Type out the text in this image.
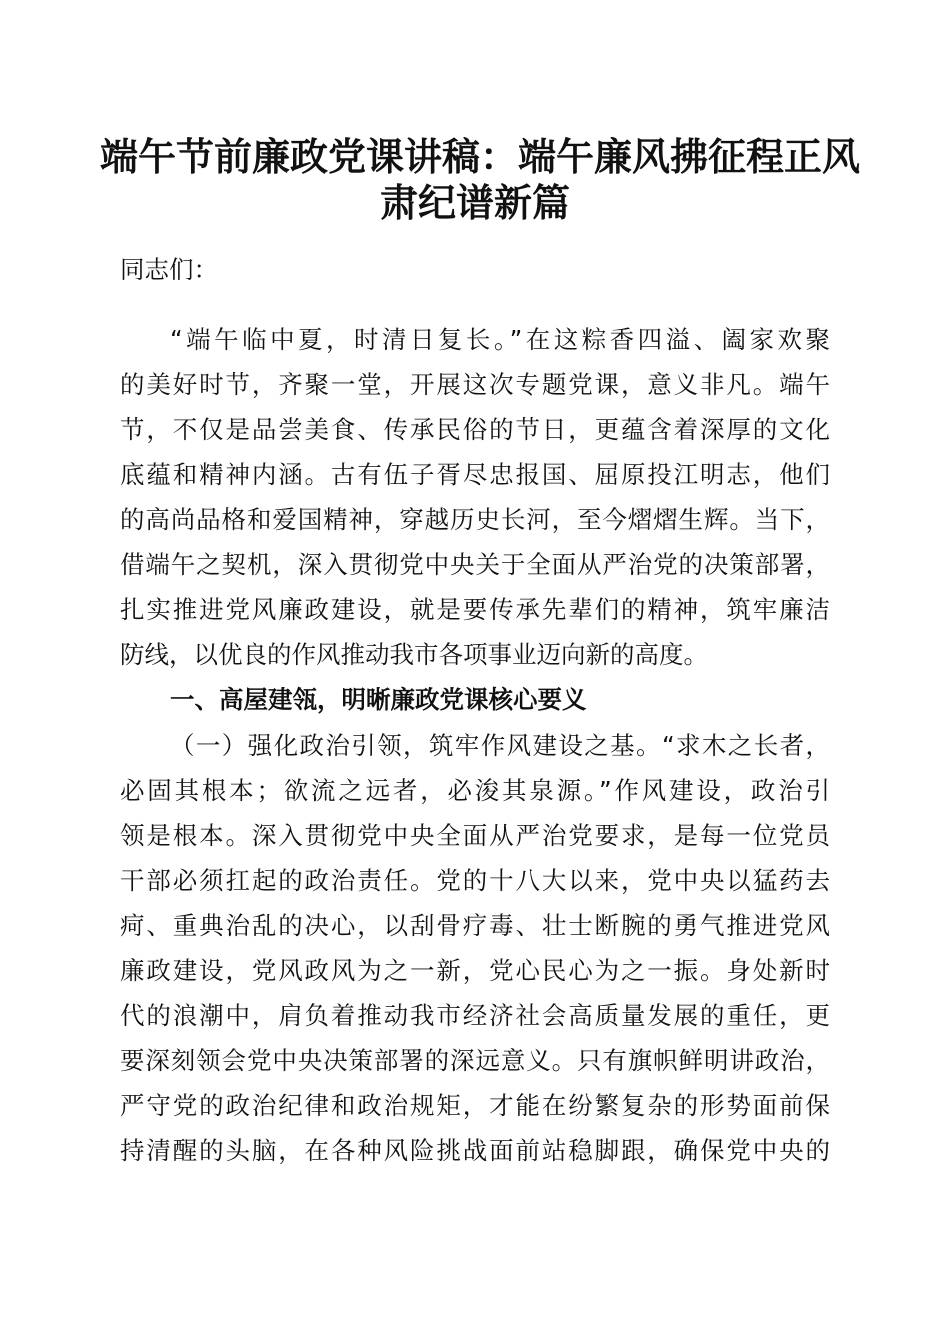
端午节前廉政党课讲稿：端午廉风拂征程正风
肃纪谱新篇
同志们：
“端午临中夏，时清日复长。”在这粽香四溢、阖家欢聚
的美好时节，齐聚一堂，开展这次专题党课，意义非凡。端午
节，不仅是品尝美食、传承民俗的节日，更蕴含着深厚的文化
底蕴和精神内涵。古有伍子胥尽忠报国、屈原投江明志，他们
的高尚品格和爱国精神，穿越历史长河，至今熠熠生辉。当下，
借端午之契机，深入贯彻党中央关于全面从严治党的决策部署，
扎实推进党风廉政建设，就是要传承先辈们的精神，筑牢廉洁
防线，以优良的作风推动我市各项事业迈向新的高度。
一、高屋建瓴，明晰廉政党课核心要义
（一）强化政治引领，筑牢作风建设之基。“求木之长者，
必固其根本；欲流之远者，必浚其泉源。”作风建设，政治引
领是根本。深入贯彻党中央全面从严治党要求，是每一位党员
干部必须扛起的政治责任。党的十八大以来，党中央以猛药去
疴、重典治乱的决心，以刮骨疗毒、壮士断腕的勇气推进党风
廉政建设，党风政风为之一新，党心民心为之一振。身处新时
代的浪潮中，肩负着推动我市经济社会高质量发展的重任，更
要深刻领会党中央决策部署的深远意义。只有旗帜鲜明讲政治，
严守党的政治纪律和政治规矩，才能在纷繁复杂的形势面前保
持清醒的头脑，在各种风险挑战面前站稳脚跟，确保党中央的
